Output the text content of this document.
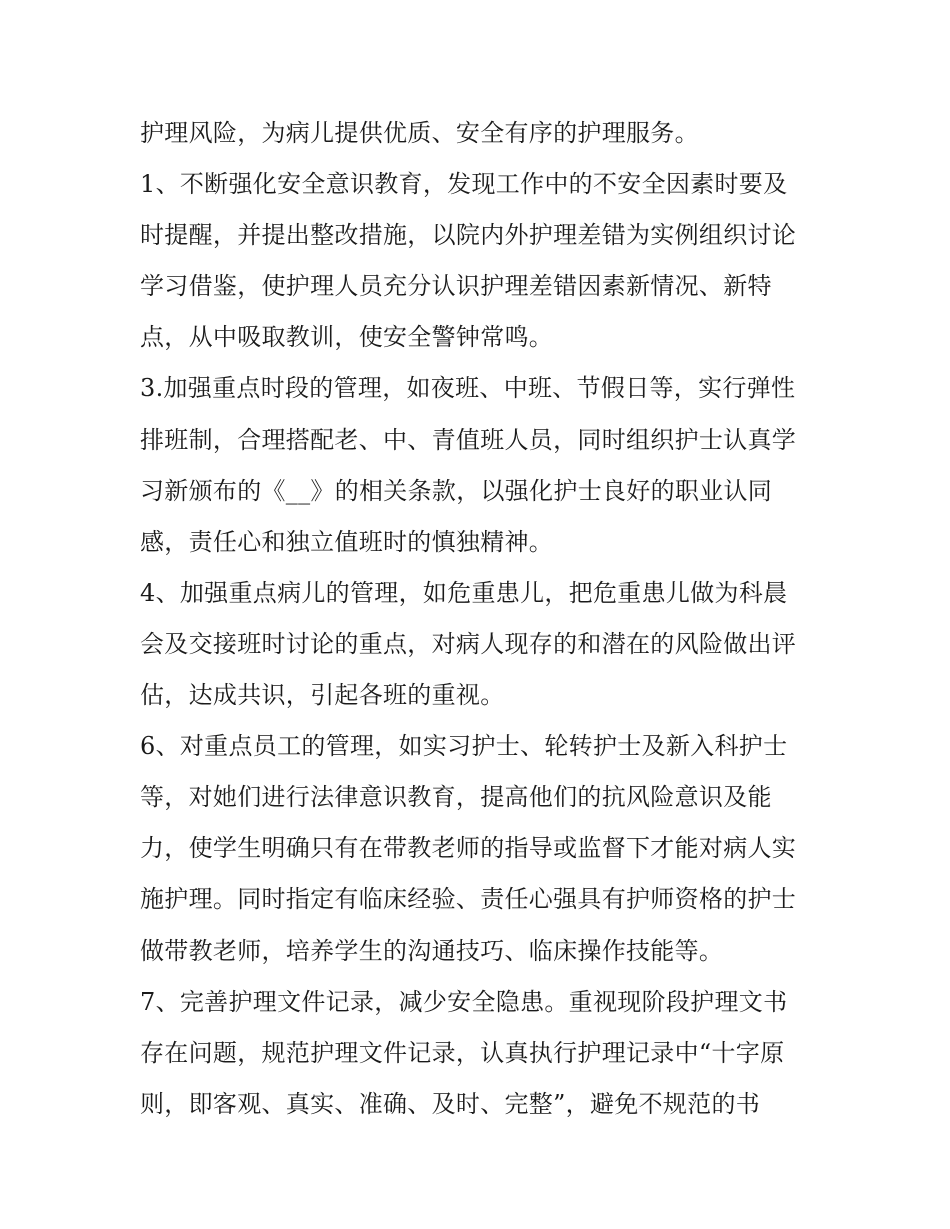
护理风险，为病儿提供优质、安全有序的护理服务。
1、不断强化安全意识教育，发现工作中的不安全因素时要及
时提醒，并提出整改措施，以院内外护理差错为实例组织讨论
学习借鉴，使护理人员充分认识护理差错因素新情况、新特
点，从中吸取教训，使安全警钟常鸣。
3.加强重点时段的管理，如夜班、中班、节假日等，实行弹性
排班制，合理搭配老、中、青值班人员，同时组织护士认真学
习新颁布的《__》的相关条款，以强化护士良好的职业认同
感，责任心和独立值班时的慎独精神。
4、加强重点病儿的管理，如危重患儿，把危重患儿做为科晨
会及交接班时讨论的重点，对病人现存的和潜在的风险做出评
估，达成共识，引起各班的重视。
6、对重点员工的管理，如实习护士、轮转护士及新入科护士
等，对她们进行法律意识教育，提高他们的抗风险意识及能
力，使学生明确只有在带教老师的指导或监督下才能对病人实
施护理。同时指定有临床经验、责任心强具有护师资格的护士
做带教老师，培养学生的沟通技巧、临床操作技能等。
7、完善护理文件记录，减少安全隐患。重视现阶段护理文书
存在问题，规范护理文件记录，认真执行护理记录中“十字原
则，即客观、真实、准确、及时、完整”，避免不规范的书
